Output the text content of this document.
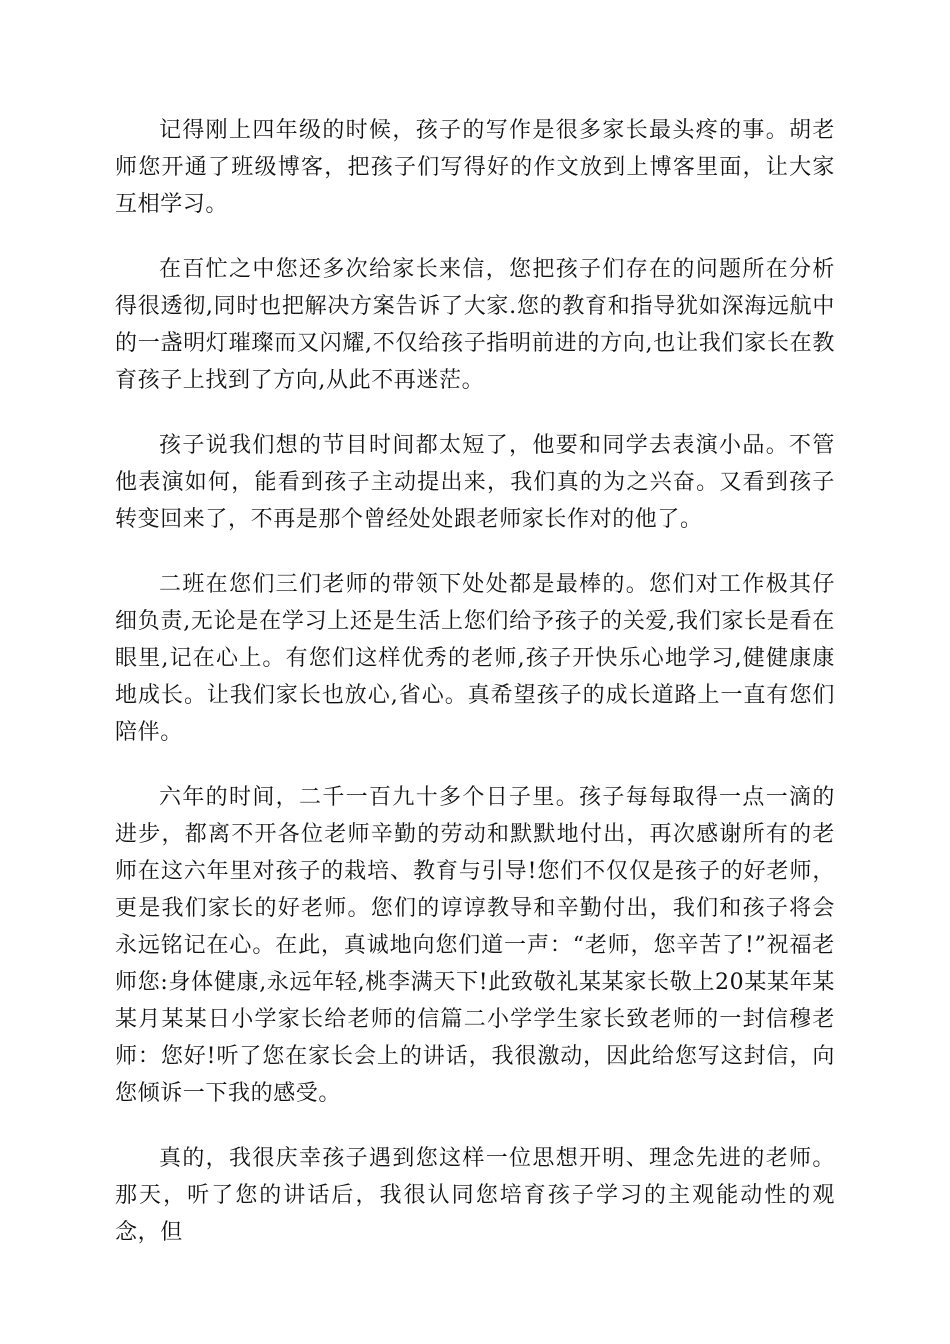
记得刚上四年级的时候，孩子的写作是很多家长最头疼的事。胡老师您开通了班级博客，把孩子们写得好的作文放到上博客里面，让大家互相学习。

在百忙之中您还多次给家长来信，您把孩子们存在的问题所在分析得很透彻,同时也把解决方案告诉了大家.您的教育和指导犹如深海远航中的一盏明灯璀璨而又闪耀,不仅给孩子指明前进的方向,也让我们家长在教育孩子上找到了方向,从此不再迷茫。

孩子说我们想的节目时间都太短了，他要和同学去表演小品。不管他表演如何，能看到孩子主动提出来，我们真的为之兴奋。又看到孩子转变回来了，不再是那个曾经处处跟老师家长作对的他了。

二班在您们三们老师的带领下处处都是最棒的。您们对工作极其仔细负责,无论是在学习上还是生活上您们给予孩子的关爱,我们家长是看在眼里,记在心上。有您们这样优秀的老师,孩子开快乐心地学习,健健康康地成长。让我们家长也放心,省心。真希望孩子的成长道路上一直有您们陪伴。

六年的时间，二千一百九十多个日子里。孩子每每取得一点一滴的进步，都离不开各位老师辛勤的劳动和默默地付出，再次感谢所有的老师在这六年里对孩子的栽培、教育与引导!您们不仅仅是孩子的好老师，更是我们家长的好老师。您们的谆谆教导和辛勤付出，我们和孩子将会永远铭记在心。在此，真诚地向您们道一声：“老师，您辛苦了!”祝福老师您:身体健康,永远年轻,桃李满天下!此致敬礼某某家长敬上20某某年某某月某某日小学家长给老师的信篇二小学学生家长致老师的一封信穆老师：您好!听了您在家长会上的讲话，我很激动，因此给您写这封信，向您倾诉一下我的感受。

真的，我很庆幸孩子遇到您这样一位思想开明、理念先进的老师。那天，听了您的讲话后，我很认同您培育孩子学习的主观能动性的观念，但
